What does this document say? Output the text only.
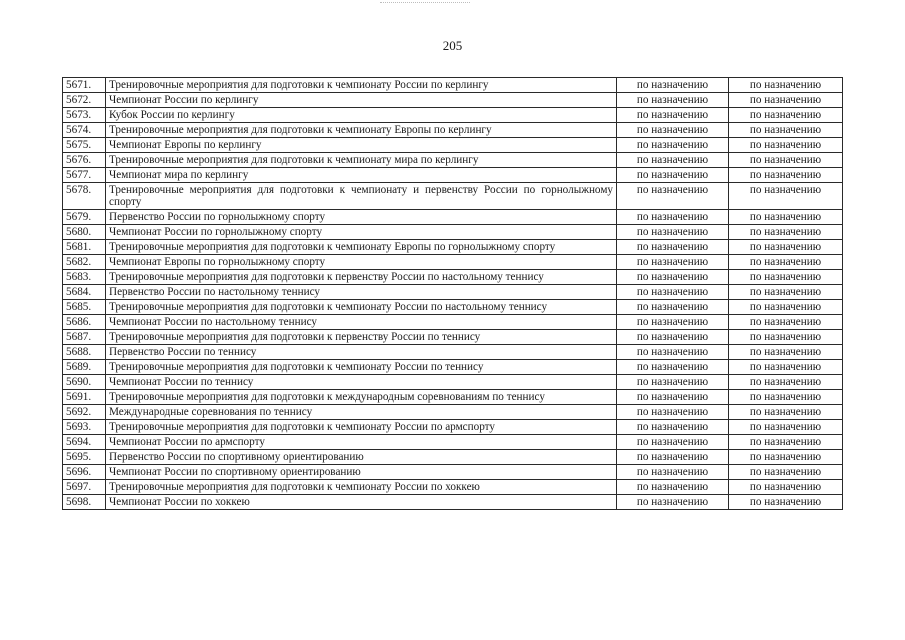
205
5671.	Тренировочные мероприятия для подготовки к чемпионату России по керлингу	по назначению	по назначению
5672.	Чемпионат России по керлингу	по назначению	по назначению
5673.	Кубок России по керлингу	по назначению	по назначению
5674.	Тренировочные мероприятия для подготовки к чемпионату Европы по керлингу	по назначению	по назначению
5675.	Чемпионат Европы по керлингу	по назначению	по назначению
5676.	Тренировочные мероприятия для подготовки к чемпионату мира по керлингу	по назначению	по назначению
5677.	Чемпионат мира по керлингу	по назначению	по назначению
5678.	Тренировочные мероприятия для подготовки к чемпионату и первенству России по горнолыжному спорту	по назначению	по назначению
5679.	Первенство России по горнолыжному спорту	по назначению	по назначению
5680.	Чемпионат России по горнолыжному спорту	по назначению	по назначению
5681.	Тренировочные мероприятия для подготовки к чемпионату Европы по горнолыжному спорту	по назначению	по назначению
5682.	Чемпионат Европы по горнолыжному спорту	по назначению	по назначению
5683.	Тренировочные мероприятия для подготовки к первенству России по настольному теннису	по назначению	по назначению
5684.	Первенство России по настольному теннису	по назначению	по назначению
5685.	Тренировочные мероприятия для подготовки к чемпионату России по настольному теннису	по назначению	по назначению
5686.	Чемпионат России по настольному теннису	по назначению	по назначению
5687.	Тренировочные мероприятия для подготовки к первенству России по теннису	по назначению	по назначению
5688.	Первенство России по теннису	по назначению	по назначению
5689.	Тренировочные мероприятия для подготовки к чемпионату России по теннису	по назначению	по назначению
5690.	Чемпионат России по теннису	по назначению	по назначению
5691.	Тренировочные мероприятия для подготовки к международным соревнованиям по теннису	по назначению	по назначению
5692.	Международные соревнования по теннису	по назначению	по назначению
5693.	Тренировочные мероприятия для подготовки к чемпионату России по армспорту	по назначению	по назначению
5694.	Чемпионат России по армспорту	по назначению	по назначению
5695.	Первенство России по спортивному ориентированию	по назначению	по назначению
5696.	Чемпионат России по спортивному ориентированию	по назначению	по назначению
5697.	Тренировочные мероприятия для подготовки к чемпионату России по хоккею	по назначению	по назначению
5698.	Чемпионат России по хоккею	по назначению	по назначению
